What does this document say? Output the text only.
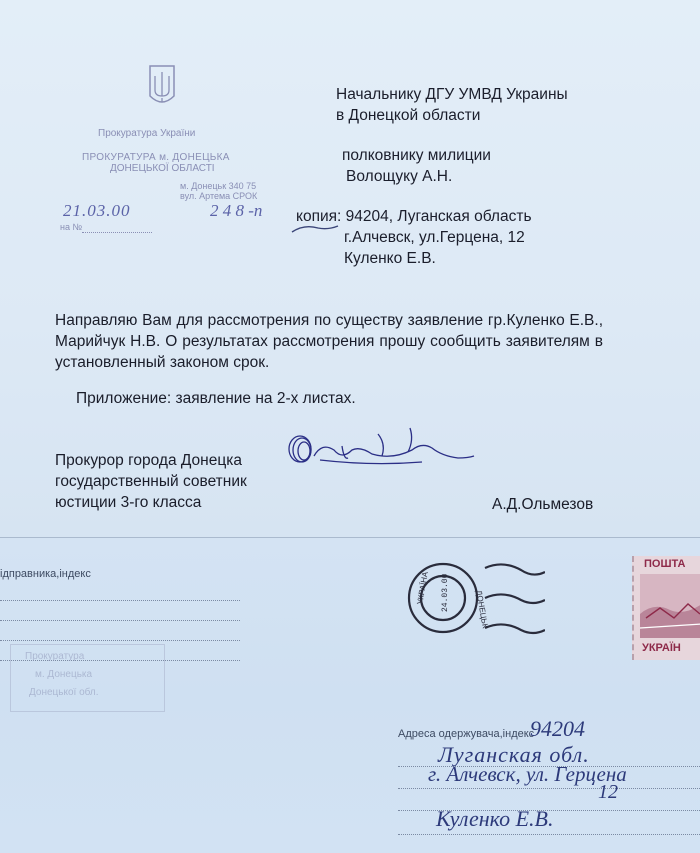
Прокуратура України
ПРОКУРАТУРА м. ДОНЕЦЬКА
ДОНЕЦЬКОЇ ОБЛАСТІ
м. Донецьк 340 75
вул. Артема СРОК
21.03.00	2 4 8 -п
на №
Начальнику ДГУ УМВД Украины
в Донецкой области
полковнику милиции
Волощуку А.Н.
копия: 94204, Луганская область
г.Алчевск, ул.Герцена, 12
Куленко Е.В.

Направляю Вам для рассмотрения по существу заявление гр.Куленко Е.В., Марийчук Н.В. О результатах рассмотрения прошу сообщить заявителям в установленный законом срок.

Приложение: заявление на 2-х листах.
Прокурор города Донецка
государственный советник
юстиции 3-го класса	А.Д.Ольмезов
ідправника,індекс
Прокуратура
м. Донецька
Донецької обл.
УКРАЇНА
ДОНЕЦЬК
24.03.00
ПОШТА
УКРАЇН
Адреса одержувача,індекс
94204
Луганская обл.
г. Алчевск, ул. Герцена
12
Куленко Е.В.
